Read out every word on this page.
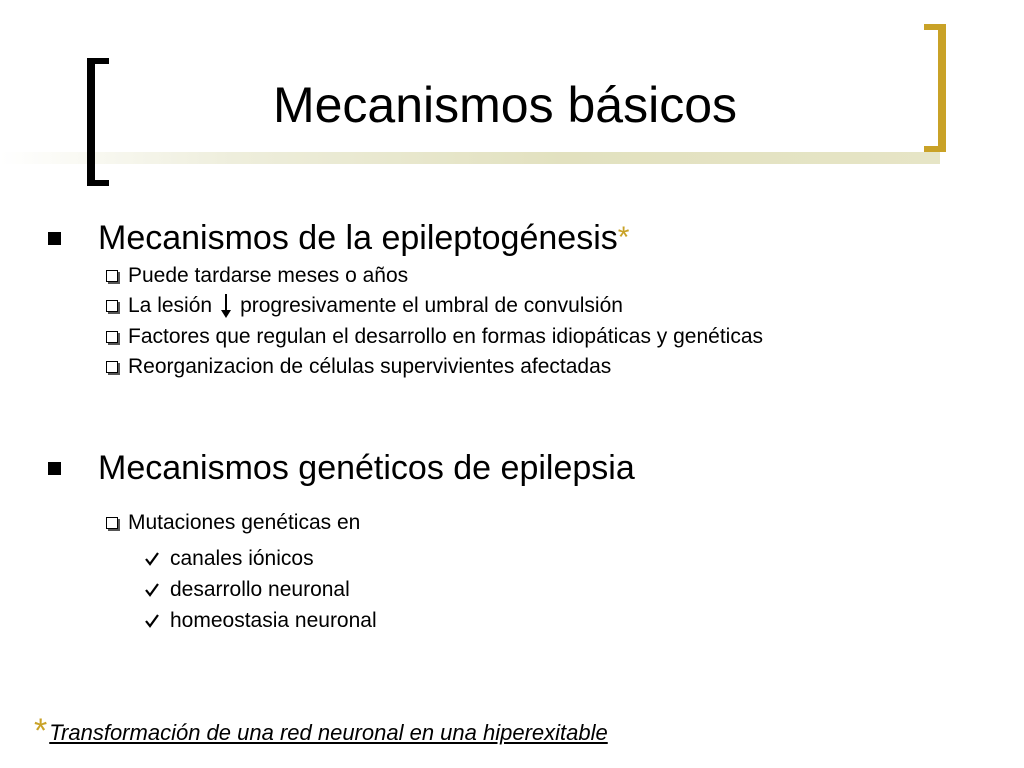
Mecanismos básicos
Mecanismos de la epileptogénesis *
Puede tardarse meses o años
La lesión progresivamente el umbral de convulsión
Factores que regulan el desarrollo en formas idiopáticas y genéticas
Reorganizacion de células supervivientes afectadas
Mecanismos genéticos de epilepsia
Mutaciones genéticas en
canales iónicos
desarrollo neuronal
homeostasia neuronal
*Transformación de una red neuronal en una hiperexitable
